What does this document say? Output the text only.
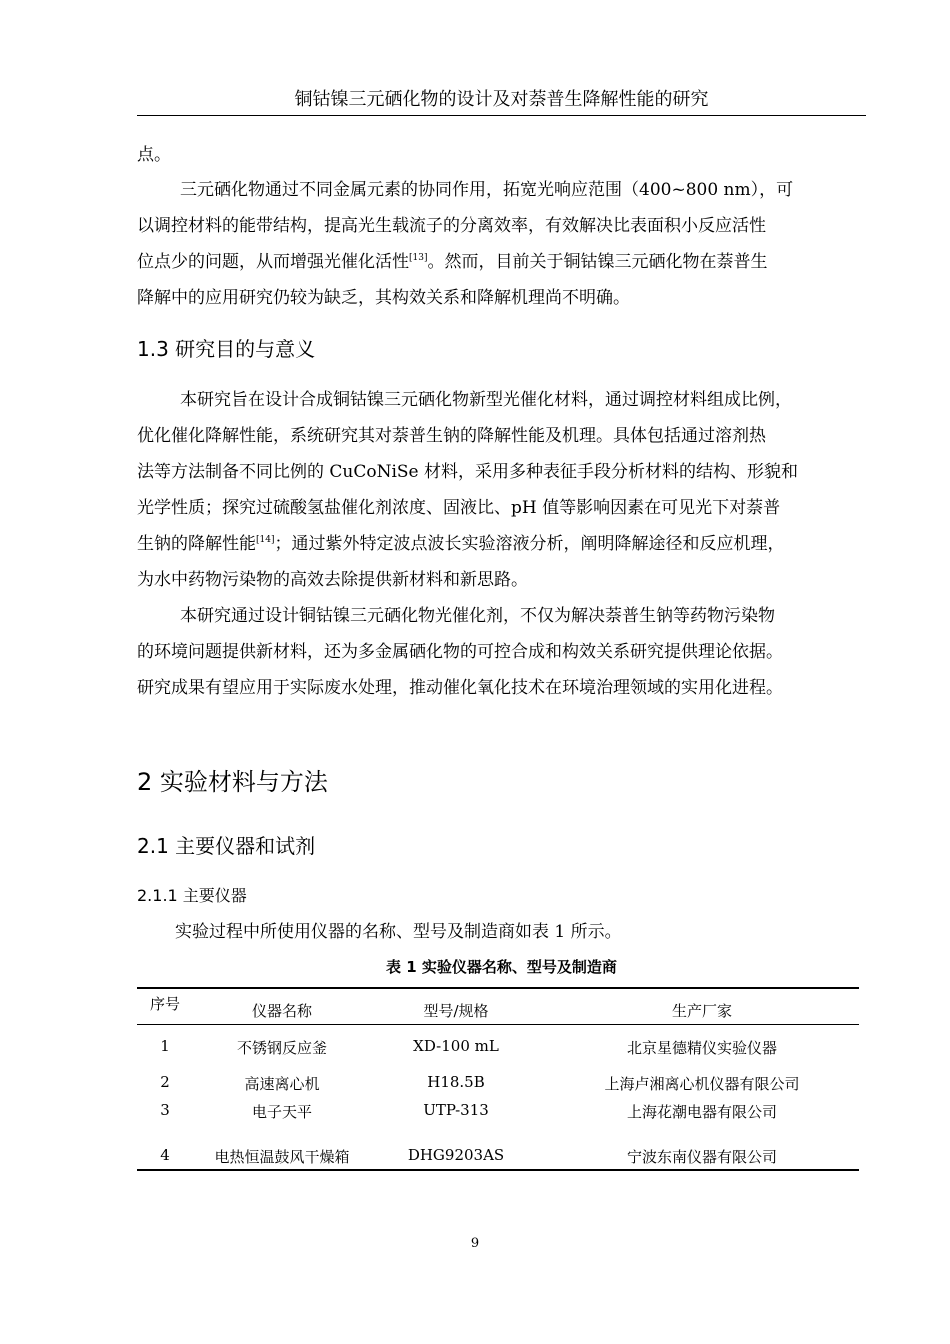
铜钴镍三元硒化物的设计及对萘普生降解性能的研究
点。
三元硒化物通过不同金属元素的协同作用，拓宽光响应范围（400~800 nm），可
以调控材料的能带结构，提高光生载流子的分离效率，有效解决比表面积小反应活性
位点少的问题，从而增强光催化活性[13]。然而，目前关于铜钴镍三元硒化物在萘普生
降解中的应用研究仍较为缺乏，其构效关系和降解机理尚不明确。
1.3 研究目的与意义
本研究旨在设计合成铜钴镍三元硒化物新型光催化材料，通过调控材料组成比例，
优化催化降解性能，系统研究其对萘普生钠的降解性能及机理。具体包括通过溶剂热
法等方法制备不同比例的 CuCoNiSe 材料，采用多种表征手段分析材料的结构、形貌和
光学性质；探究过硫酸氢盐催化剂浓度、固液比、pH 值等影响因素在可见光下对萘普
生钠的降解性能[14]；通过紫外特定波点波长实验溶液分析，阐明降解途径和反应机理，
为水中药物污染物的高效去除提供新材料和新思路。
本研究通过设计铜钴镍三元硒化物光催化剂，不仅为解决萘普生钠等药物污染物
的环境问题提供新材料，还为多金属硒化物的可控合成和构效关系研究提供理论依据。
研究成果有望应用于实际废水处理，推动催化氧化技术在环境治理领域的实用化进程。
2 实验材料与方法
2.1 主要仪器和试剂
2.1.1 主要仪器
实验过程中所使用仪器的名称、型号及制造商如表 1 所示。
表 1 实验仪器名称、型号及制造商
序号	仪器名称	型号/规格	生产厂家
1	不锈钢反应釜	XD-100 mL	北京星德精仪实验仪器
2	高速离心机	H18.5B	上海卢湘离心机仪器有限公司
3	电子天平	UTP-313	上海花潮电器有限公司
4	电热恒温鼓风干燥箱	DHG9203AS	宁波东南仪器有限公司
9
